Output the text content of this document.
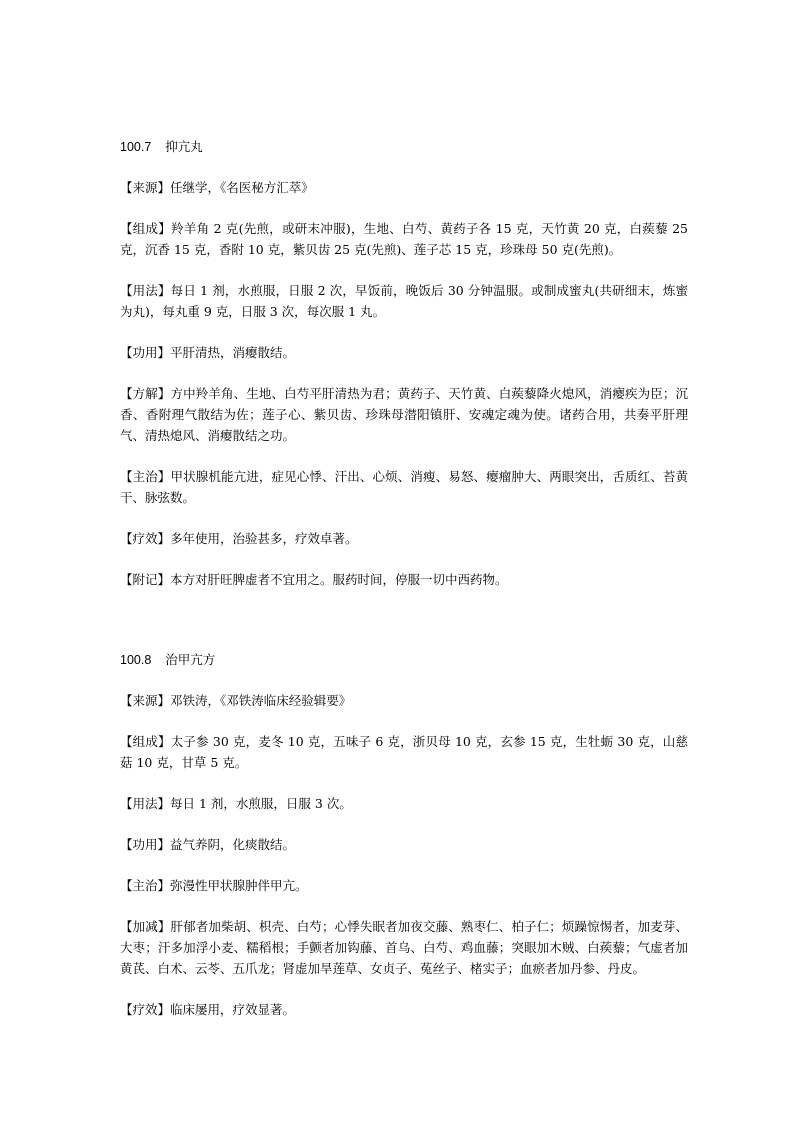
100.7 抑亢丸

【来源】任继学，《名医秘方汇萃》

【组成】羚羊角 2 克(先煎，或研末冲服)，生地、白芍、黄药子各 15 克，天竹黄 20 克，白蒺藜 25 克，沉香 15 克，香附 10 克，紫贝齿 25 克(先煎)、莲子芯 15 克，珍珠母 50 克(先煎)。

【用法】每日 1 剂，水煎服，日服 2 次，早饭前，晚饭后 30 分钟温服。或制成蜜丸(共研细末，炼蜜为丸)，每丸重 9 克，日服 3 次，每次服 1 丸。

【功用】平肝清热，消瘿散结。

【方解】方中羚羊角、生地、白芍平肝清热为君；黄药子、天竹黄、白蒺藜降火熄风，消瘿疾为臣；沉香、香附理气散结为佐；莲子心、紫贝齿、珍珠母潜阳镇肝、安魂定魂为使。诸药合用，共奏平肝理气、清热熄风、消瘿散结之功。

【主治】甲状腺机能亢进，症见心悸、汗出、心烦、消瘦、易怒、瘿瘤肿大、两眼突出，舌质红、苔黄干、脉弦数。

【疗效】多年使用，治验甚多，疗效卓著。

【附记】本方对肝旺脾虚者不宜用之。服药时间，停服一切中西药物。

100.8 治甲亢方

【来源】邓铁涛，《邓铁涛临床经验辑要》

【组成】太子参 30 克，麦冬 10 克，五味子 6 克，浙贝母 10 克，玄参 15 克，生牡蛎 30 克，山慈菇 10 克，甘草 5 克。

【用法】每日 1 剂，水煎服，日服 3 次。

【功用】益气养阴，化痰散结。

【主治】弥漫性甲状腺肿伴甲亢。

【加减】肝郁者加柴胡、枳壳、白芍；心悸失眠者加夜交藤、熟枣仁、柏子仁；烦躁惊惕者，加麦芽、大枣；汗多加浮小麦、糯稻根；手颤者加钩藤、首乌、白芍、鸡血藤；突眼加木贼、白蒺藜；气虚者加黄芪、白术、云苓、五爪龙；肾虚加旱莲草、女贞子、菟丝子、楮实子；血瘀者加丹参、丹皮。

【疗效】临床屡用，疗效显著。
